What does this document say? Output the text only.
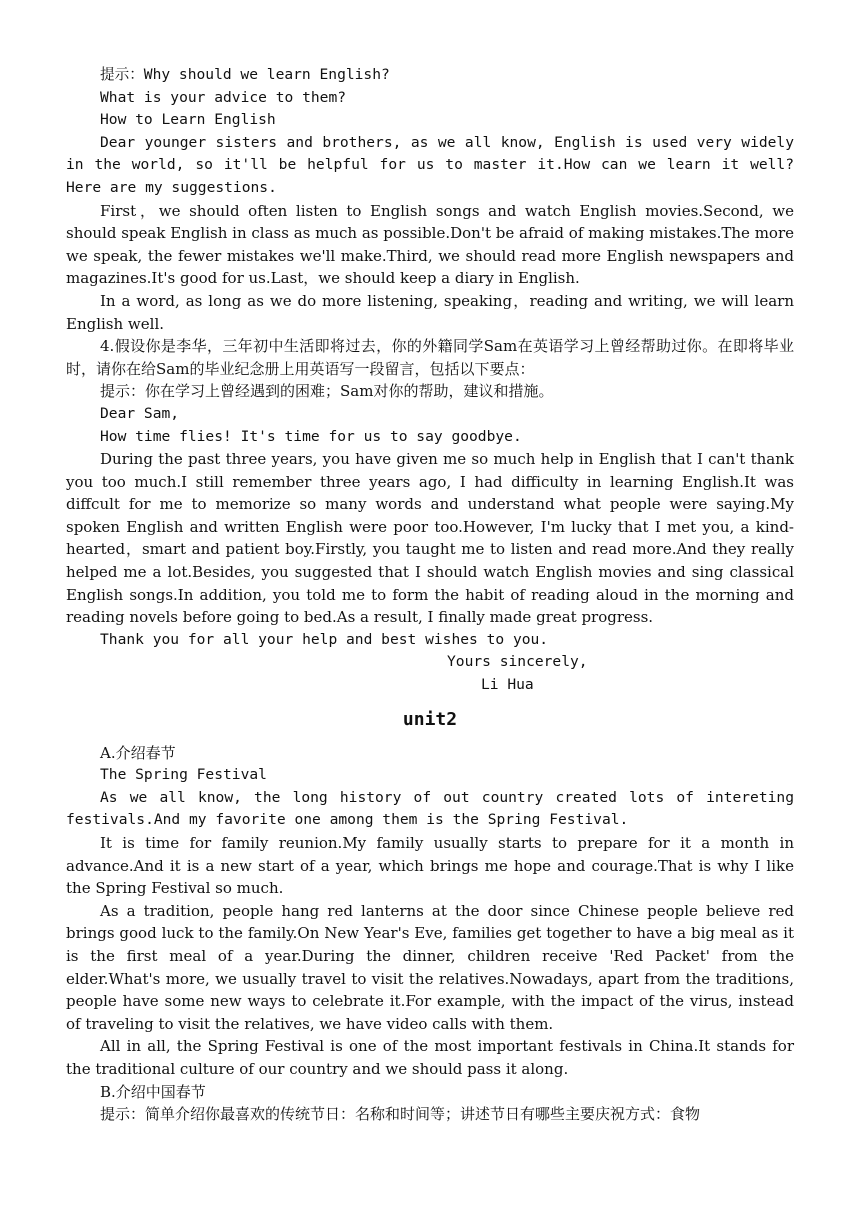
提示：Why should we learn English?

What is your advice to them?

How to Learn English

Dear younger sisters and brothers, as we all know, English is used very widely in the world, so it'll be helpful for us to master it.How can we learn it well? Here are my suggestions.

First，we should often listen to English songs and watch English movies.Second, we should speak English in class as much as possible.Don't be afraid of making mistakes.The more we speak, the fewer mistakes we'll make.Third, we should read more English newspapers and magazines.It's good for us.Last，we should keep a diary in English.

In a word, as long as we do more listening, speaking，reading and writing, we will learn English well.

4.假设你是李华，三年初中生活即将过去，你的外籍同学Sam在英语学习上曾经帮助过你。在即将毕业时，请你在给Sam的毕业纪念册上用英语写一段留言，包括以下要点：

提示：你在学习上曾经遇到的困难；Sam对你的帮助，建议和措施。

Dear Sam,

How time flies! It's time for us to say goodbye.

During the past three years, you have given me so much help in English that I can't thank you too much.I still remember three years ago, I had difficulty in learning English.It was diffcult for me to memorize so many words and understand what people were saying.My spoken English and written English were poor too.However, I'm lucky that I met you, a kind-hearted，smart and patient boy.Firstly, you taught me to listen and read more.And they really helped me a lot.Besides, you suggested that I should watch English movies and sing classical English songs.In addition, you told me to form the habit of reading aloud in the morning and reading novels before going to bed.As a result, I finally made great progress.

Thank you for all your help and best wishes to you.

Yours sincerely,

Li Hua

unit2

A.介绍春节

The Spring Festival

As we all know, the long history of out country created lots of intereting festivals.And my favorite one among them is the Spring Festival.

It is time for family reunion.My family usually starts to prepare for it a month in advance.And it is a new start of a year, which brings me hope and courage.That is why I like the Spring Festival so much.

As a tradition, people hang red lanterns at the door since Chinese people believe red brings good luck to the family.On New Year's Eve, families get together to have a big meal as it is the first meal of a year.During the dinner, children receive 'Red Packet' from the elder.What's more, we usually travel to visit the relatives.Nowadays, apart from the traditions, people have some new ways to celebrate it.For example, with the impact of the virus, instead of traveling to visit the relatives, we have video calls with them.

All in all, the Spring Festival is one of the most important festivals in China.It stands for the traditional culture of our country and we should pass it along.

B.介绍中国春节

提示：简单介绍你最喜欢的传统节日：名称和时间等；讲述节日有哪些主要庆祝方式：食物
